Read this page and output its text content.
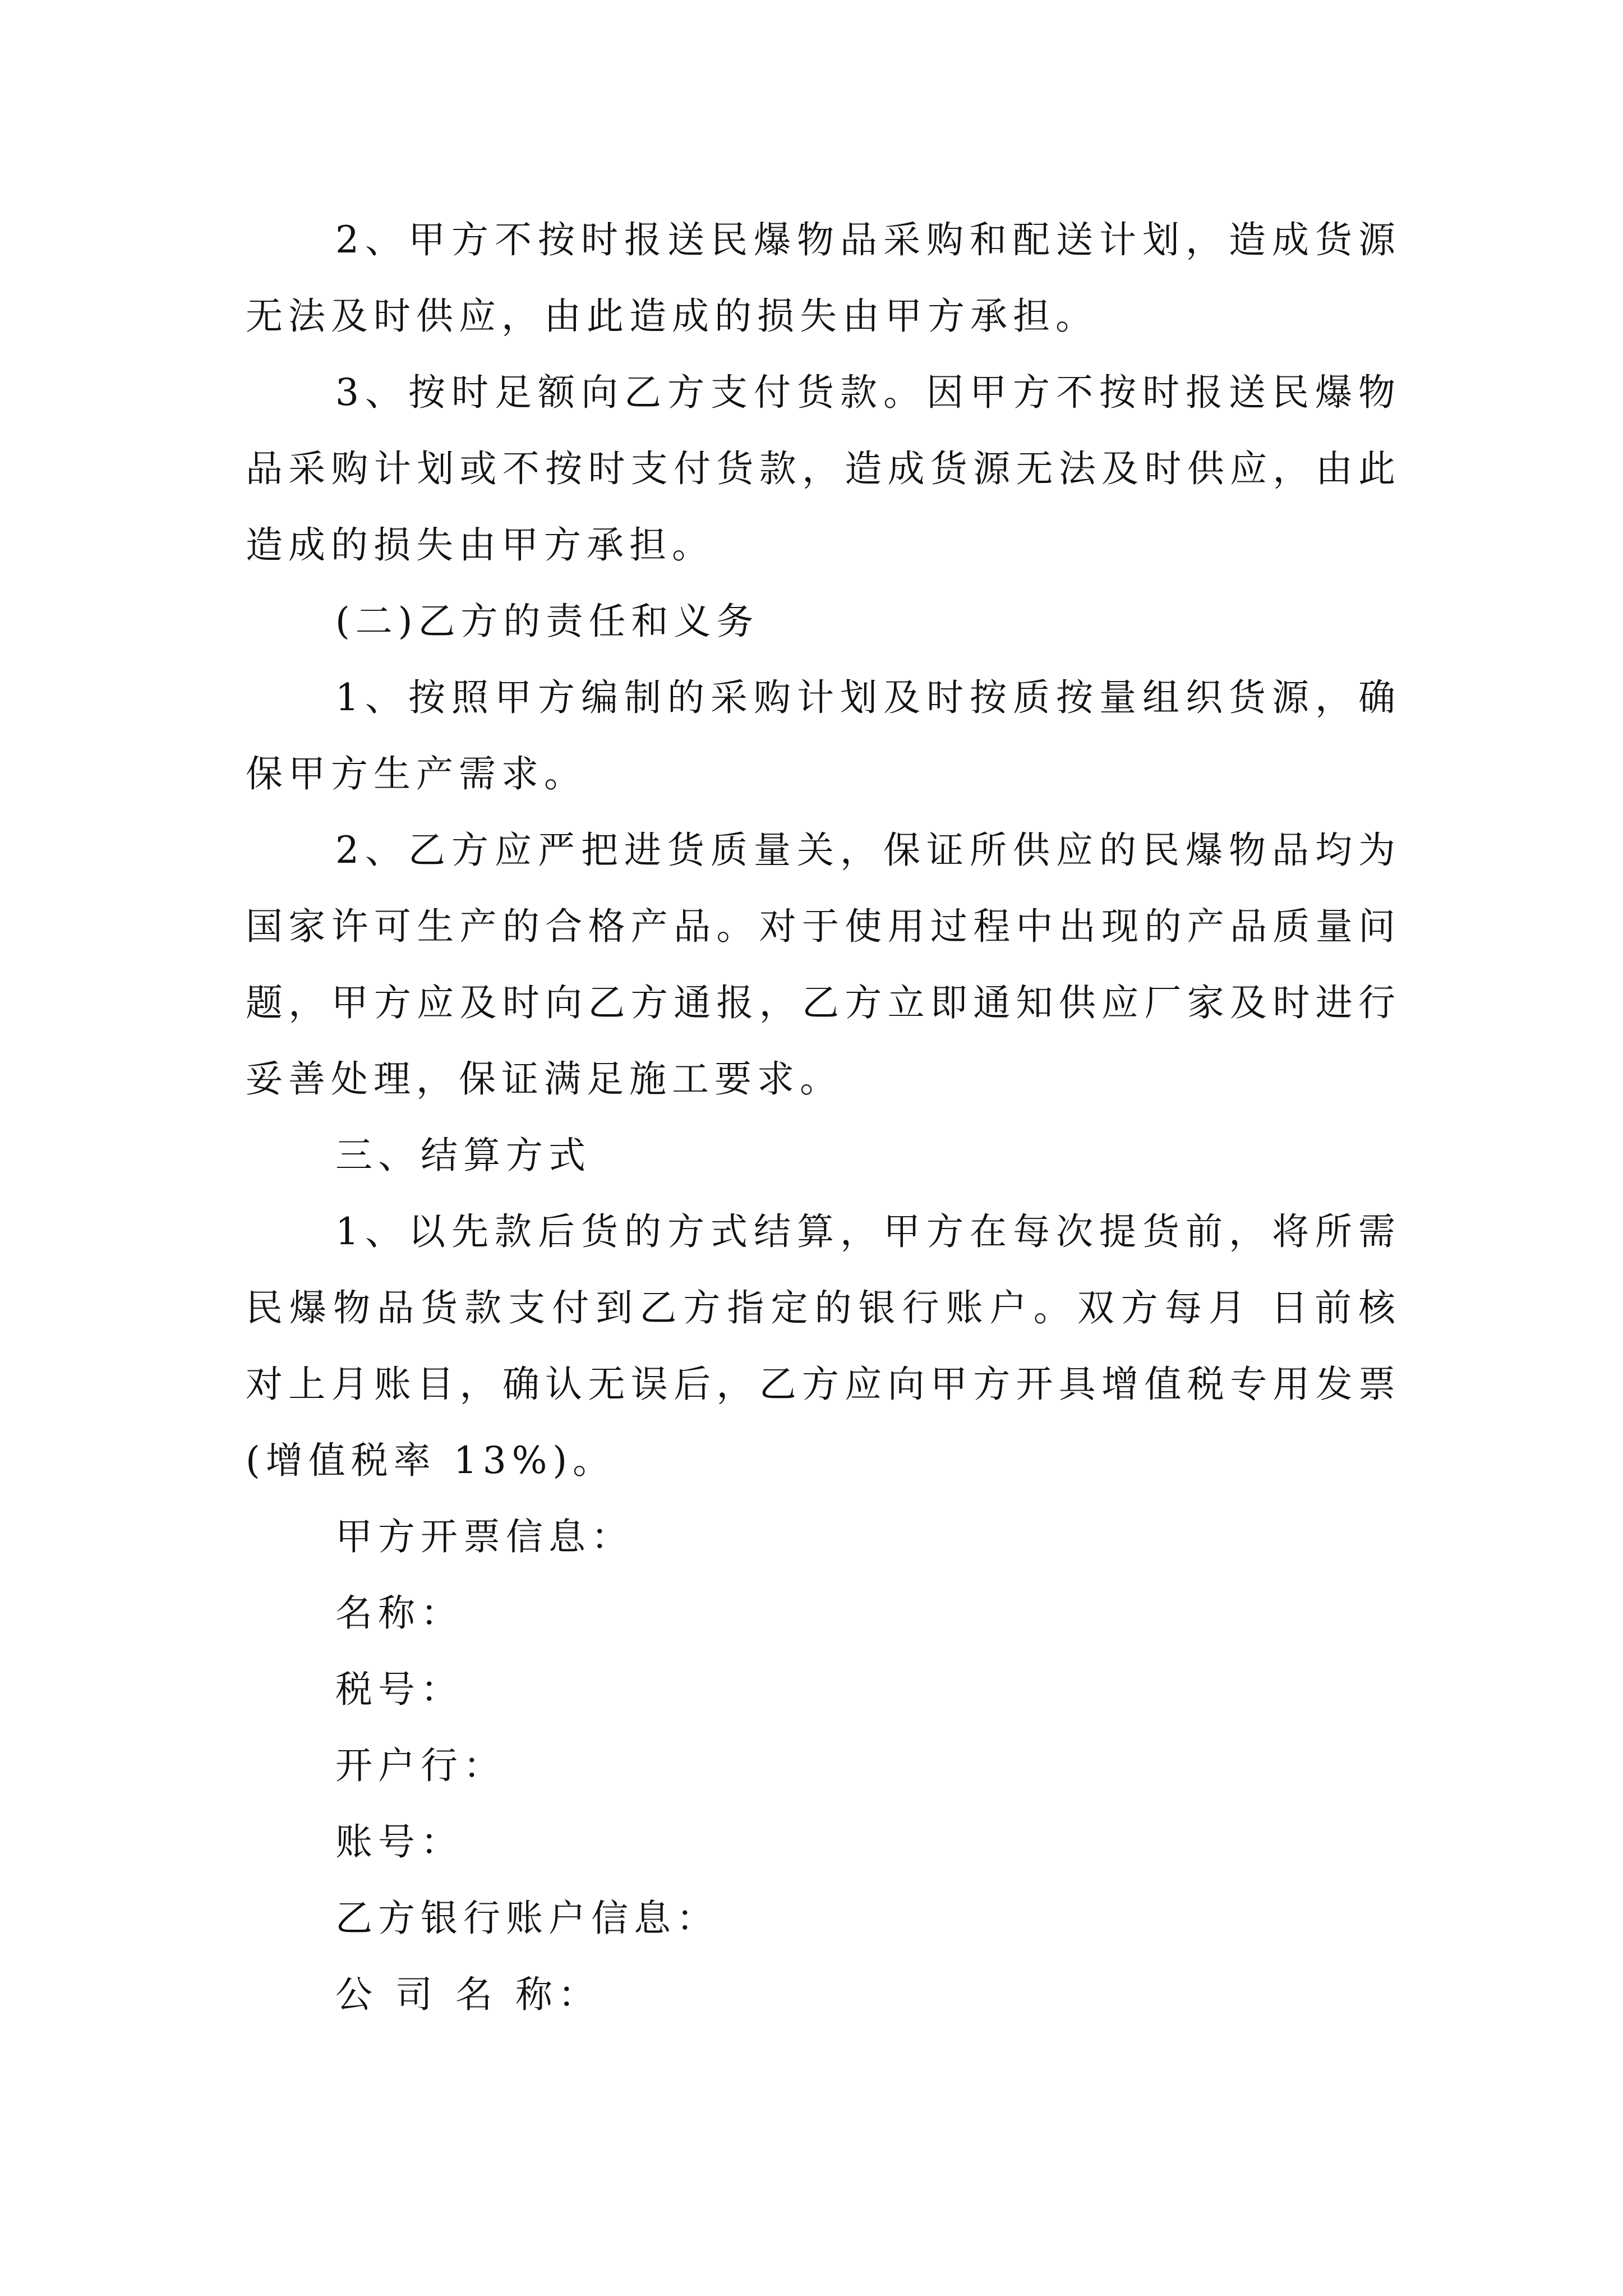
2、甲方不按时报送民爆物品采购和配送计划，造成货源无法及时供应，由此造成的损失由甲方承担。

3、按时足额向乙方支付货款。因甲方不按时报送民爆物品采购计划或不按时支付货款，造成货源无法及时供应，由此造成的损失由甲方承担。

(二)乙方的责任和义务

1、按照甲方编制的采购计划及时按质按量组织货源，确保甲方生产需求。

2、乙方应严把进货质量关，保证所供应的民爆物品均为国家许可生产的合格产品。对于使用过程中出现的产品质量问题，甲方应及时向乙方通报，乙方立即通知供应厂家及时进行妥善处理，保证满足施工要求。

三、结算方式

1、以先款后货的方式结算，甲方在每次提货前，将所需民爆物品货款支付到乙方指定的银行账户。双方每月 日前核对上月账目，确认无误后，乙方应向甲方开具增值税专用发票(增值税率 13%)。

甲方开票信息：

名称：

税号：

开户行：

账号：

乙方银行账户信息：

公 司 名 称：
